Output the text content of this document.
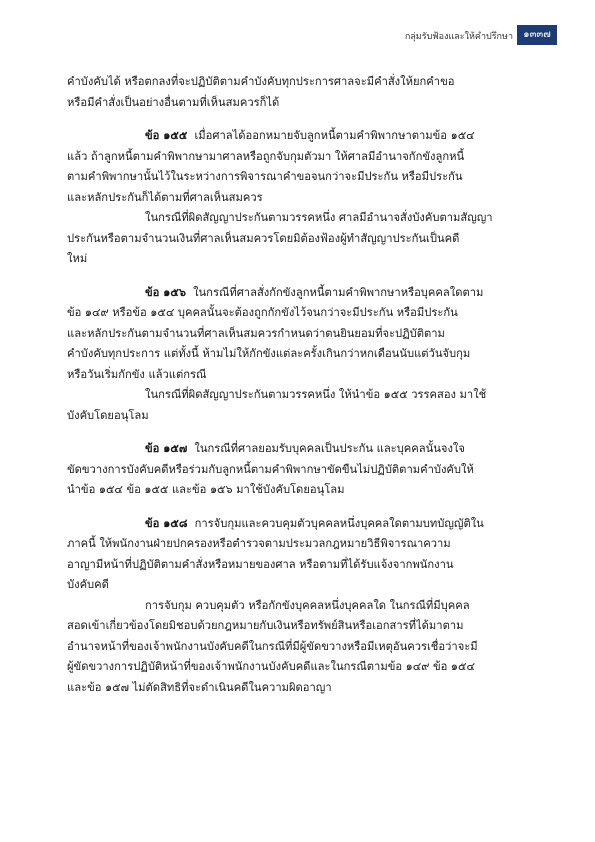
กลุ่มรับฟ้องและให้คำปรึกษา	๑๓๓๗

คำบังคับได้ หรือตกลงที่จะปฏิบัติตามคำบังคับทุกประการศาลจะมีคำสั่งให้ยกคำขอ
หรือมีคำสั่งเป็นอย่างอื่นตามที่เห็นสมควรก็ได้

ข้อ ๑๕๕ เมื่อศาลได้ออกหมายจับลูกหนี้ตามคำพิพากษาตามข้อ ๑๕๔
แล้ว ถ้าลูกหนี้ตามคำพิพากษามาศาลหรือถูกจับกุมตัวมา ให้ศาลมีอำนาจกักขังลูกหนี้
ตามคำพิพากษานั้นไว้ในระหว่างการพิจารณาคำขอจนกว่าจะมีประกัน หรือมีประกัน
และหลักประกันก็ได้ตามที่ศาลเห็นสมควร

ในกรณีที่ผิดสัญญาประกันตามวรรคหนึ่ง ศาลมีอำนาจสั่งบังคับตามสัญญา
ประกันหรือตามจำนวนเงินที่ศาลเห็นสมควรโดยมิต้องฟ้องผู้ทำสัญญาประกันเป็นคดี
ใหม่

ข้อ ๑๕๖ ในกรณีที่ศาลสั่งกักขังลูกหนี้ตามคำพิพากษาหรือบุคคลใดตาม
ข้อ ๑๔๙ หรือข้อ ๑๕๔ บุคคลนั้นจะต้องถูกกักขังไว้จนกว่าจะมีประกัน หรือมีประกัน
และหลักประกันตามจำนวนที่ศาลเห็นสมควรกำหนดว่าตนยินยอมที่จะปฏิบัติตาม
คำบังคับทุกประการ แต่ทั้งนี้ ห้ามไม่ให้กักขังแต่ละครั้งเกินกว่าหกเดือนนับแต่วันจับกุม
หรือวันเริ่มกักขัง แล้วแต่กรณี

ในกรณีที่ผิดสัญญาประกันตามวรรคหนึ่ง ให้นำข้อ ๑๕๕ วรรคสอง มาใช้
บังคับโดยอนุโลม

ข้อ ๑๕๗ ในกรณีที่ศาลยอมรับบุคคลเป็นประกัน และบุคคลนั้นจงใจ
ขัดขวางการบังคับคดีหรือร่วมกับลูกหนี้ตามคำพิพากษาขัดขืนไม่ปฏิบัติตามคำบังคับให้
นำข้อ ๑๕๔ ข้อ ๑๕๕ และข้อ ๑๕๖ มาใช้บังคับโดยอนุโลม

ข้อ ๑๕๘ การจับกุมและควบคุมตัวบุคคลหนึ่งบุคคลใดตามบทบัญญัติใน
ภาคนี้ ให้พนักงานฝ่ายปกครองหรือตำรวจตามประมวลกฎหมายวิธีพิจารณาความ
อาญามีหน้าที่ปฏิบัติตามคำสั่งหรือหมายของศาล หรือตามที่ได้รับแจ้งจากพนักงาน
บังคับคดี

การจับกุม ควบคุมตัว หรือกักขังบุคคลหนึ่งบุคคลใด ในกรณีที่มีบุคคล
สอดเข้าเกี่ยวข้องโดยมิชอบด้วยกฎหมายกับเงินหรือทรัพย์สินหรือเอกสารที่ได้มาตาม
อำนาจหน้าที่ของเจ้าพนักงานบังคับคดีในกรณีที่มีผู้ขัดขวางหรือมีเหตุอันควรเชื่อว่าจะมี
ผู้ขัดขวางการปฏิบัติหน้าที่ของเจ้าพนักงานบังคับคดีและในกรณีตามข้อ ๑๔๙ ข้อ ๑๕๔
และข้อ ๑๕๗ ไม่ตัดสิทธิที่จะดำเนินคดีในความผิดอาญา
